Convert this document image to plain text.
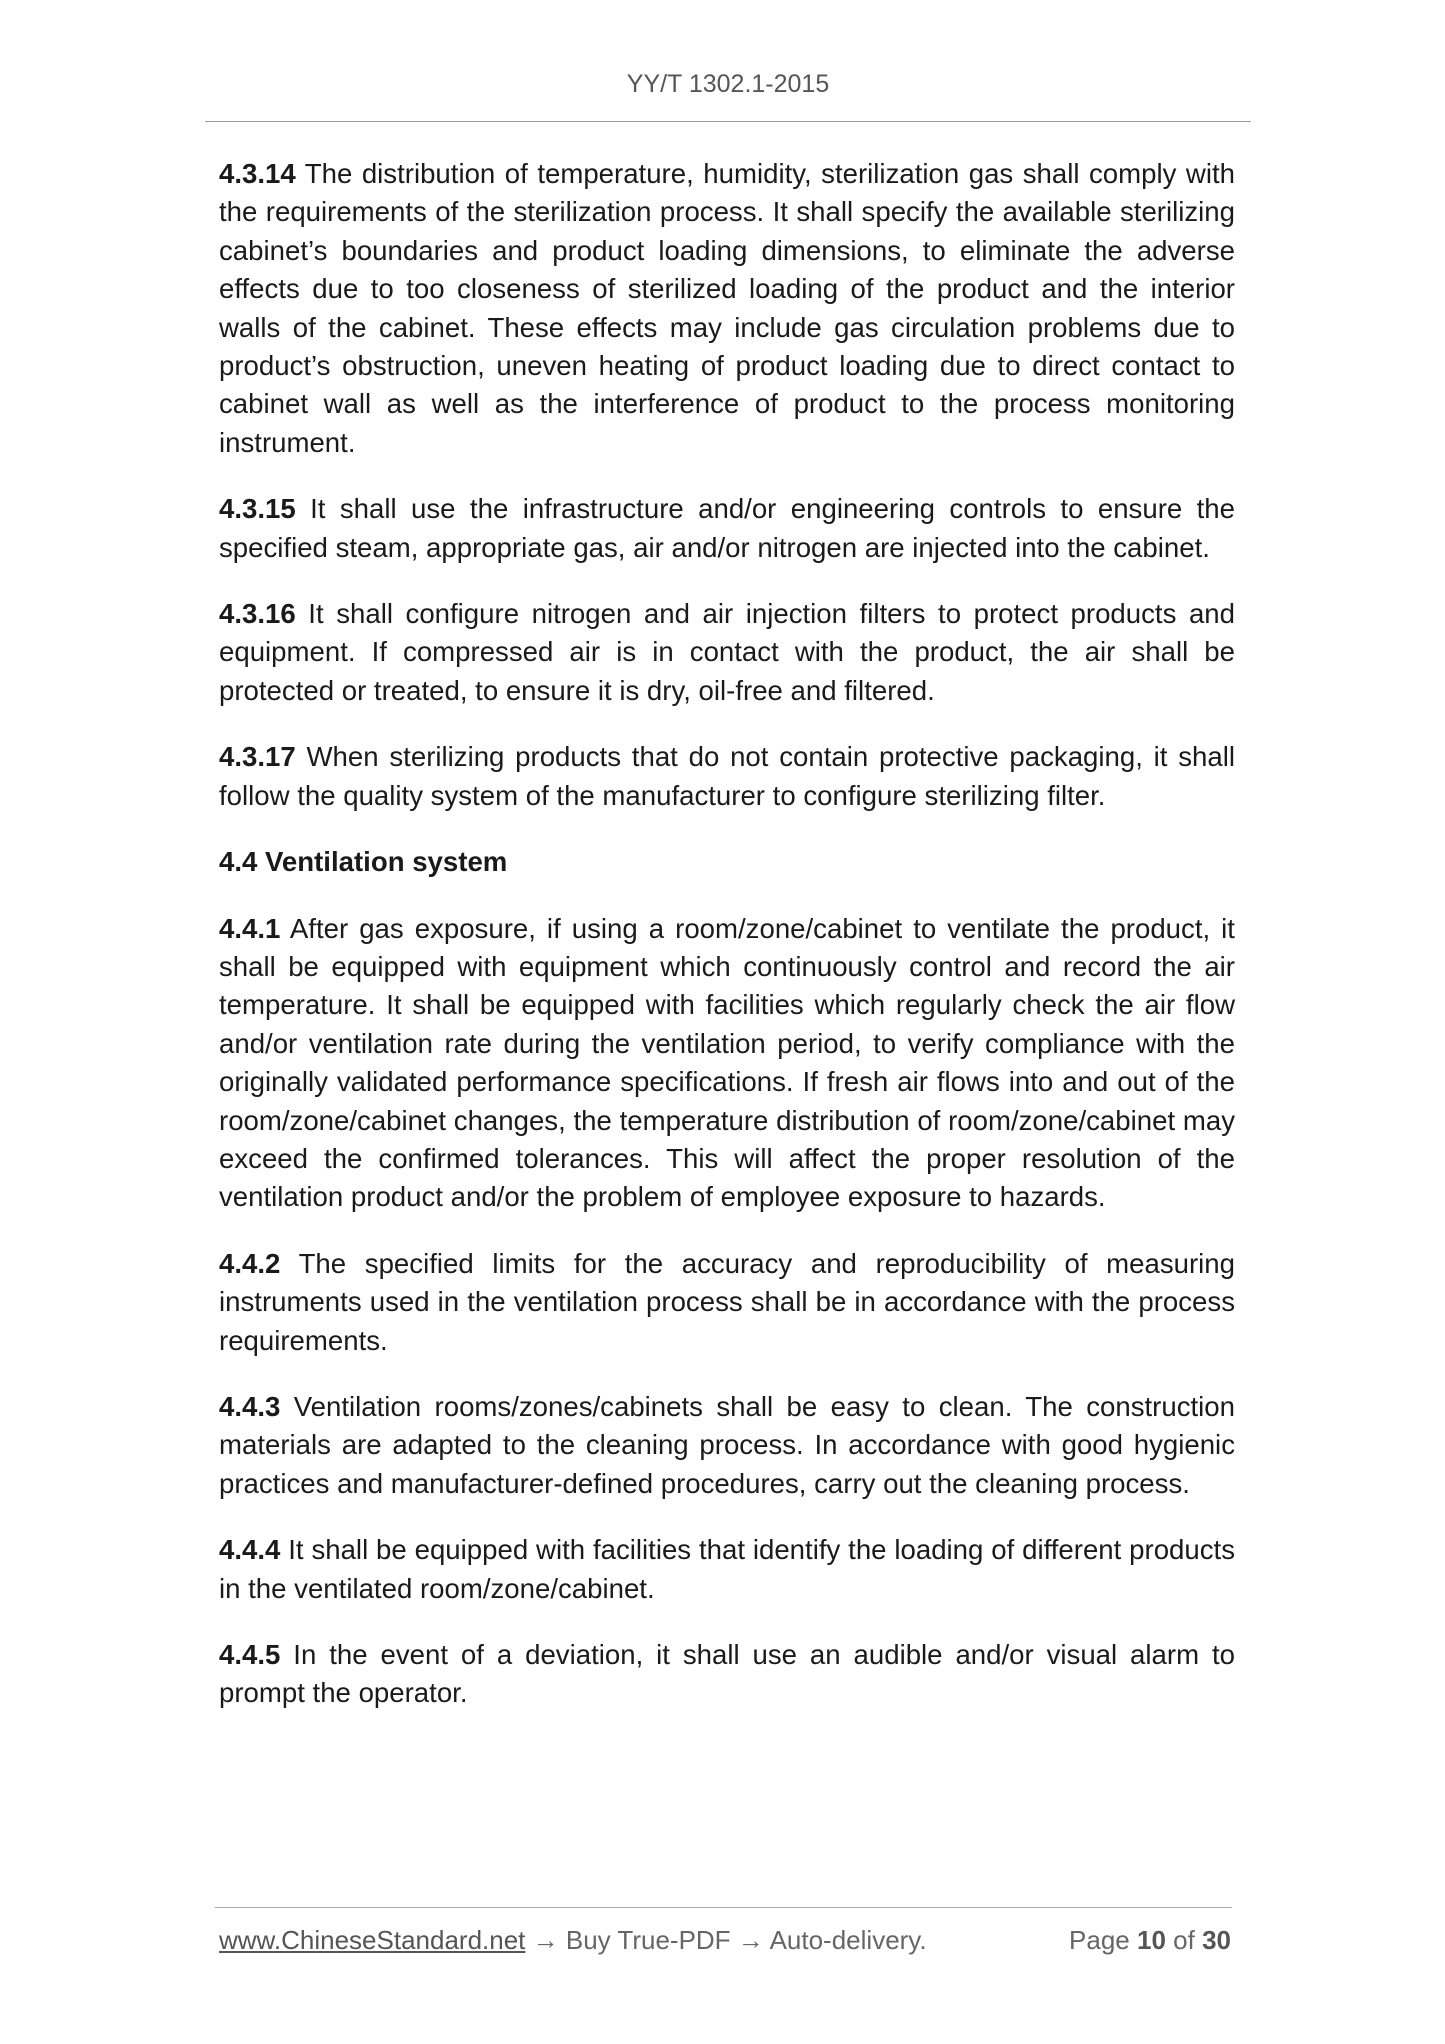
YY/T 1302.1-2015

4.3.14 The distribution of temperature, humidity, sterilization gas shall comply with the requirements of the sterilization process. It shall specify the available sterilizing cabinet’s boundaries and product loading dimensions, to eliminate the adverse effects due to too closeness of sterilized loading of the product and the interior walls of the cabinet. These effects may include gas circulation problems due to product’s obstruction, uneven heating of product loading due to direct contact to cabinet wall as well as the interference of product to the process monitoring instrument.

4.3.15 It shall use the infrastructure and/or engineering controls to ensure the specified steam, appropriate gas, air and/or nitrogen are injected into the cabinet.

4.3.16 It shall configure nitrogen and air injection filters to protect products and equipment. If compressed air is in contact with the product, the air shall be protected or treated, to ensure it is dry, oil-free and filtered.

4.3.17 When sterilizing products that do not contain protective packaging, it shall follow the quality system of the manufacturer to configure sterilizing filter.

4.4 Ventilation system

4.4.1 After gas exposure, if using a room/zone/cabinet to ventilate the product, it shall be equipped with equipment which continuously control and record the air temperature. It shall be equipped with facilities which regularly check the air flow and/or ventilation rate during the ventilation period, to verify compliance with the originally validated performance specifications. If fresh air flows into and out of the room/zone/cabinet changes, the temperature distribution of room/zone/cabinet may exceed the confirmed tolerances. This will affect the proper resolution of the ventilation product and/or the problem of employee exposure to hazards.

4.4.2 The specified limits for the accuracy and reproducibility of measuring instruments used in the ventilation process shall be in accordance with the process requirements.

4.4.3 Ventilation rooms/zones/cabinets shall be easy to clean. The construction materials are adapted to the cleaning process. In accordance with good hygienic practices and manufacturer-defined procedures, carry out the cleaning process.

4.4.4 It shall be equipped with facilities that identify the loading of different products in the ventilated room/zone/cabinet.

4.4.5 In the event of a deviation, it shall use an audible and/or visual alarm to prompt the operator.

www.ChineseStandard.net → Buy True-PDF → Auto-delivery.	Page 10 of 30
